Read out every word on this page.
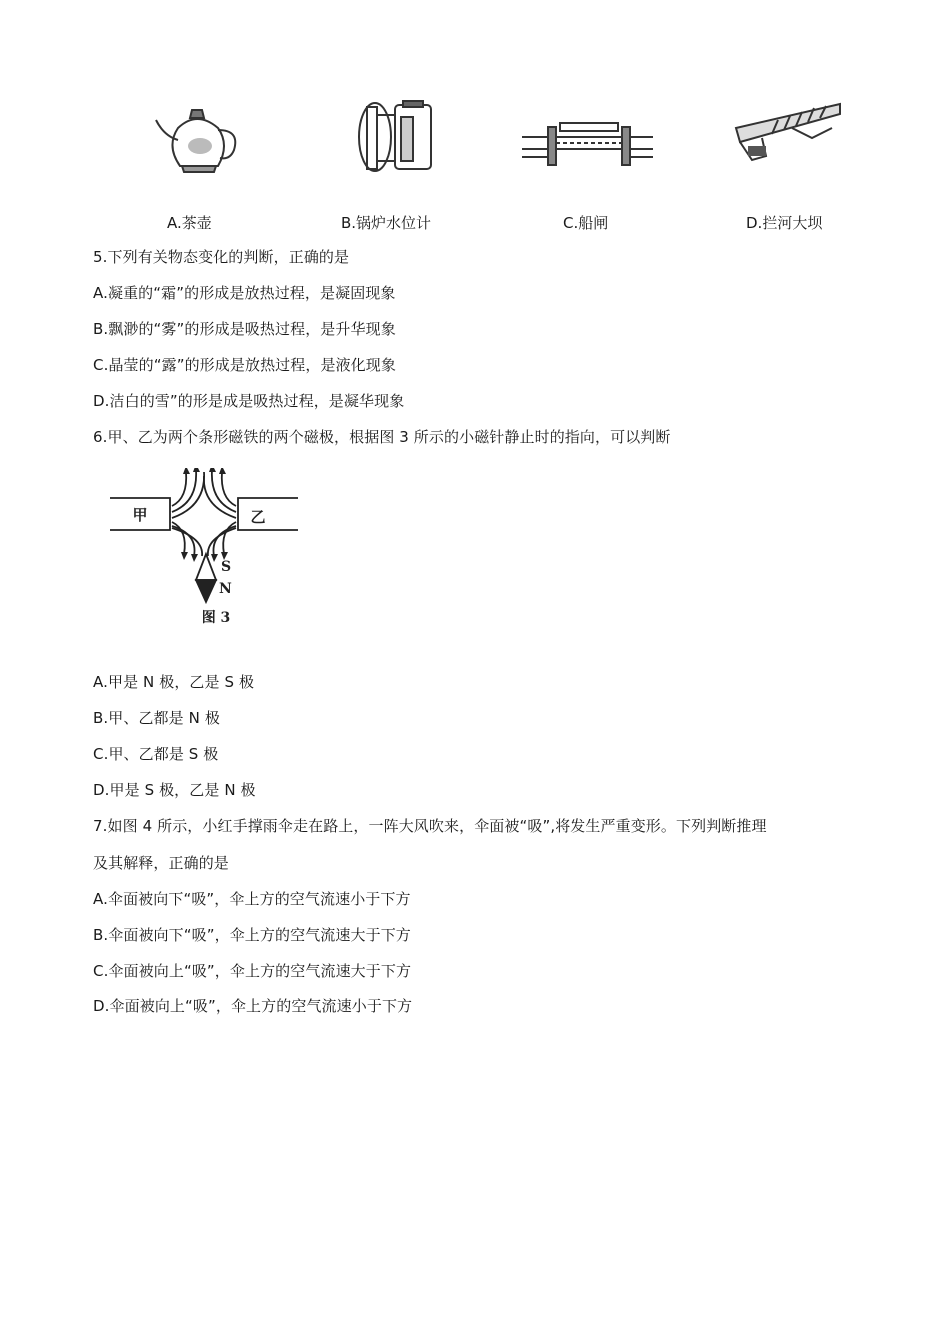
A.茶壶	B.锅炉水位计	C.船闸	D.拦河大坝
5.下列有关物态变化的判断，正确的是
A.凝重的“霜”的形成是放热过程，是凝固现象
B.飘渺的“雾”的形成是吸热过程，是升华现象
C.晶莹的“露”的形成是放热过程，是液化现象
D.洁白的雪”的形是成是吸热过程，是凝华现象
6.甲、乙为两个条形磁铁的两个磁极，根据图 3 所示的小磁针静止时的指向，可以判断
甲	乙
S
N
图 3
A.甲是 N 极，乙是 S 极
B.甲、乙都是 N 极
C.甲、乙都是 S 极
D.甲是 S 极，乙是 N 极
7.如图 4 所示，小红手撑雨伞走在路上，一阵大风吹来，伞面被“吸”,将发生严重变形。下列判断推理
及其解释，正确的是
A.伞面被向下“吸”，伞上方的空气流速小于下方
B.伞面被向下“吸”，伞上方的空气流速大于下方
C.伞面被向上“吸”，伞上方的空气流速大于下方
D.伞面被向上“吸”，伞上方的空气流速小于下方
